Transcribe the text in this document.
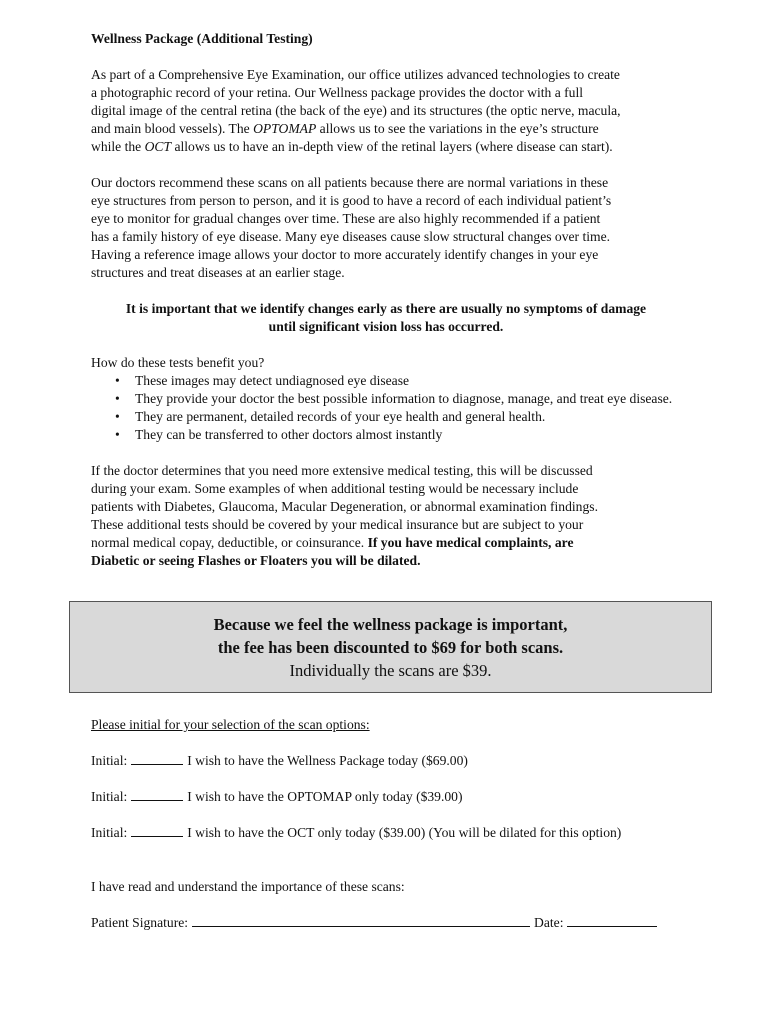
Wellness Package (Additional Testing)

As part of a Comprehensive Eye Examination, our office utilizes advanced technologies to create

a photographic record of your retina. Our Wellness package provides the doctor with a full

digital image of the central retina (the back of the eye) and its structures (the optic nerve, macula,

and main blood vessels). The OPTOMAP allows us to see the variations in the eye’s structure

while the OCT allows us to have an in-depth view of the retinal layers (where disease can start).

Our doctors recommend these scans on all patients because there are normal variations in these

eye structures from person to person, and it is good to have a record of each individual patient’s

eye to monitor for gradual changes over time. These are also highly recommended if a patient

has a family history of eye disease. Many eye diseases cause slow structural changes over time.

Having a reference image allows your doctor to more accurately identify changes in your eye

structures and treat diseases at an earlier stage.

It is important that we identify changes early as there are usually no symptoms of damage
until significant vision loss has occurred.
How do these tests benefit you?
• These images may detect undiagnosed eye disease
• They provide your doctor the best possible information to diagnose, manage, and treat eye disease.
• They are permanent, detailed records of your eye health and general health.
• They can be transferred to other doctors almost instantly

If the doctor determines that you need more extensive medical testing, this will be discussed

during your exam. Some examples of when additional testing would be necessary include

patients with Diabetes, Glaucoma, Macular Degeneration, or abnormal examination findings.

These additional tests should be covered by your medical insurance but are subject to your

normal medical copay, deductible, or coinsurance. If you have medical complaints, are

Diabetic or seeing Flashes or Floaters you will be dilated.

Because we feel the wellness package is important,
the fee has been discounted to $69 for both scans.
Individually the scans are $39.
Please initial for your selection of the scan options:
Initial:	I wish to have the Wellness Package today ($69.00)
Initial:	I wish to have the OPTOMAP only today ($39.00)
Initial:	I wish to have the OCT only today ($39.00) (You will be dilated for this option)
I have read and understand the importance of these scans:
Patient Signature:	Date:
